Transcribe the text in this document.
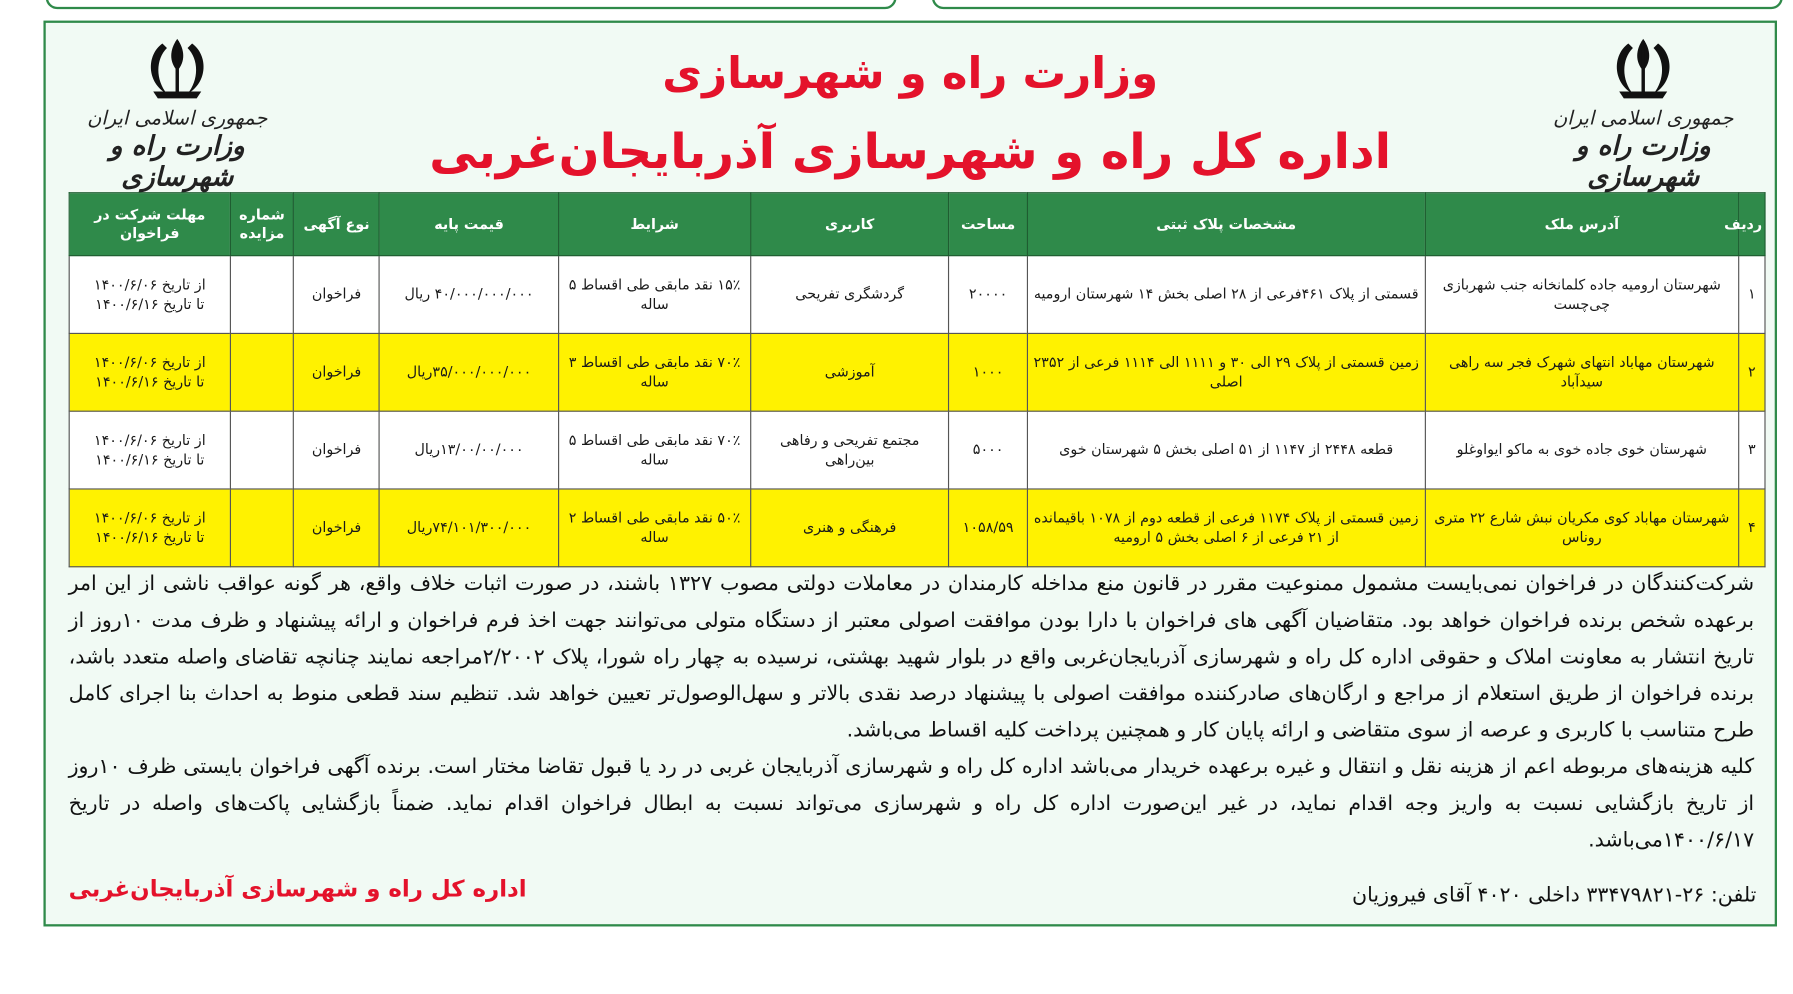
جمهوری اسلامی ایران
وزارت راه و شهرسازی
جمهوری اسلامی ایران
وزارت راه و شهرسازی
وزارت راه و شهرسازی
اداره کل راه و شهرسازی آذربایجان‌غربی
ردیف	آدرس ملک	مشخصات پلاک ثبتی	مساحت	کاربری	شرایط	قیمت پایه	نوع آگهی	شماره مزایده	مهلت شرکت در فراخوان
۱	شهرستان ارومیه جاده کلمانخانه جنب شهربازی چی‌چست	قسمتی از پلاک ۴۶۱فرعی از ۲۸ اصلی بخش ۱۴ شهرستان ارومیه	۲۰۰۰۰	گردشگری تفریحی	۱۵٪ نقد مابقی طی اقساط ۵ ساله	۴۰/۰۰۰/۰۰۰/۰۰۰ ریال	فراخوان		از تاریخ ۱۴۰۰/۶/۰۶
تا تاریخ ۱۴۰۰/۶/۱۶

۲	شهرستان مهاباد انتهای شهرک فجر سه راهی سیدآباد	زمین قسمتی از پلاک ۲۹ الی ۳۰ و ۱۱۱۱ الی ۱۱۱۴ فرعی از ۲۳۵۲ اصلی	۱۰۰۰	آموزشی	۷۰٪ نقد مابقی طی اقساط ۳ ساله	۳۵/۰۰۰/۰۰۰/۰۰۰ریال	فراخوان		از تاریخ ۱۴۰۰/۶/۰۶
تا تاریخ ۱۴۰۰/۶/۱۶

۳	شهرستان خوی جاده خوی به ماکو ایواوغلو	قطعه ۲۴۴۸ از ۱۱۴۷ از ۵۱ اصلی بخش ۵ شهرستان خوی	۵۰۰۰	مجتمع تفریحی و رفاهی بین‌راهی	۷۰٪ نقد مابقی طی اقساط ۵ ساله	۱۳/۰۰/۰۰/۰۰۰ریال	فراخوان		از تاریخ ۱۴۰۰/۶/۰۶
تا تاریخ ۱۴۰۰/۶/۱۶

۴	شهرستان مهاباد کوی مکریان نبش شارع ۲۲ متری روناس	زمین قسمتی از پلاک ۱۱۷۴ فرعی از قطعه دوم از ۱۰۷۸ باقیمانده از ۲۱ فرعی از ۶ اصلی بخش ۵ ارومیه	۱۰۵۸/۵۹	فرهنگی و هنری	۵۰٪ نقد مابقی طی اقساط ۲ ساله	۷۴/۱۰۱/۳۰۰/۰۰۰ریال	فراخوان		از تاریخ ۱۴۰۰/۶/۰۶
تا تاریخ ۱۴۰۰/۶/۱۶

شرکت‌کنندگان در فراخوان نمی‌بایست مشمول ممنوعیت مقرر در قانون منع مداخله کارمندان در معاملات دولتی مصوب ۱۳۲۷ باشند، در صورت اثبات خلاف واقع، هر گونه عواقب ناشی از این امر برعهده شخص برنده فراخوان خواهد بود. متقاضیان آگهی های فراخوان با دارا بودن موافقت اصولی معتبر از دستگاه متولی می‌توانند جهت اخذ فرم فراخوان و ارائه پیشنهاد و ظرف مدت ۱۰روز از تاریخ انتشار به معاونت املاک و حقوقی اداره کل راه و شهرسازی آذربایجان‌غربی واقع در بلوار شهید بهشتی، نرسیده به چهار راه شورا، پلاک ۲/۲۰۰۲مراجعه نمایند چنانچه تقاضای واصله متعدد باشد، برنده فراخوان از طریق استعلام از مراجع و ارگان‌های صادرکننده موافقت اصولی با پیشنهاد درصد نقدی بالاتر و سهل‌الوصول‌تر تعیین خواهد شد. تنظیم سند قطعی منوط به احداث بنا اجرای کامل طرح متناسب با کاربری و عرصه از سوی متقاضی و ارائه پایان کار و همچنین پرداخت کلیه اقساط می‌باشد.

کلیه هزینه‌های مربوطه اعم از هزینه نقل و انتقال و غیره برعهده خریدار می‌باشد اداره کل راه و شهرسازی آذربایجان غربی در رد یا قبول تقاضا مختار است. برنده آگهی فراخوان بایستی ظرف ۱۰روز از تاریخ بازگشایی نسبت به واریز وجه اقدام نماید، در غیر این‌صورت اداره کل راه و شهرسازی می‌تواند نسبت به ابطال فراخوان اقدام نماید. ضمناً بازگشایی پاکت‌های واصله در تاریخ ۱۴۰۰/۶/۱۷می‌باشد.

اداره کل راه و شهرسازی آذربایجان‌غربی	تلفن: ۲۶-۳۳۴۷۹۸۲۱ داخلی ۴۰۲۰ آقای فیروزیان
